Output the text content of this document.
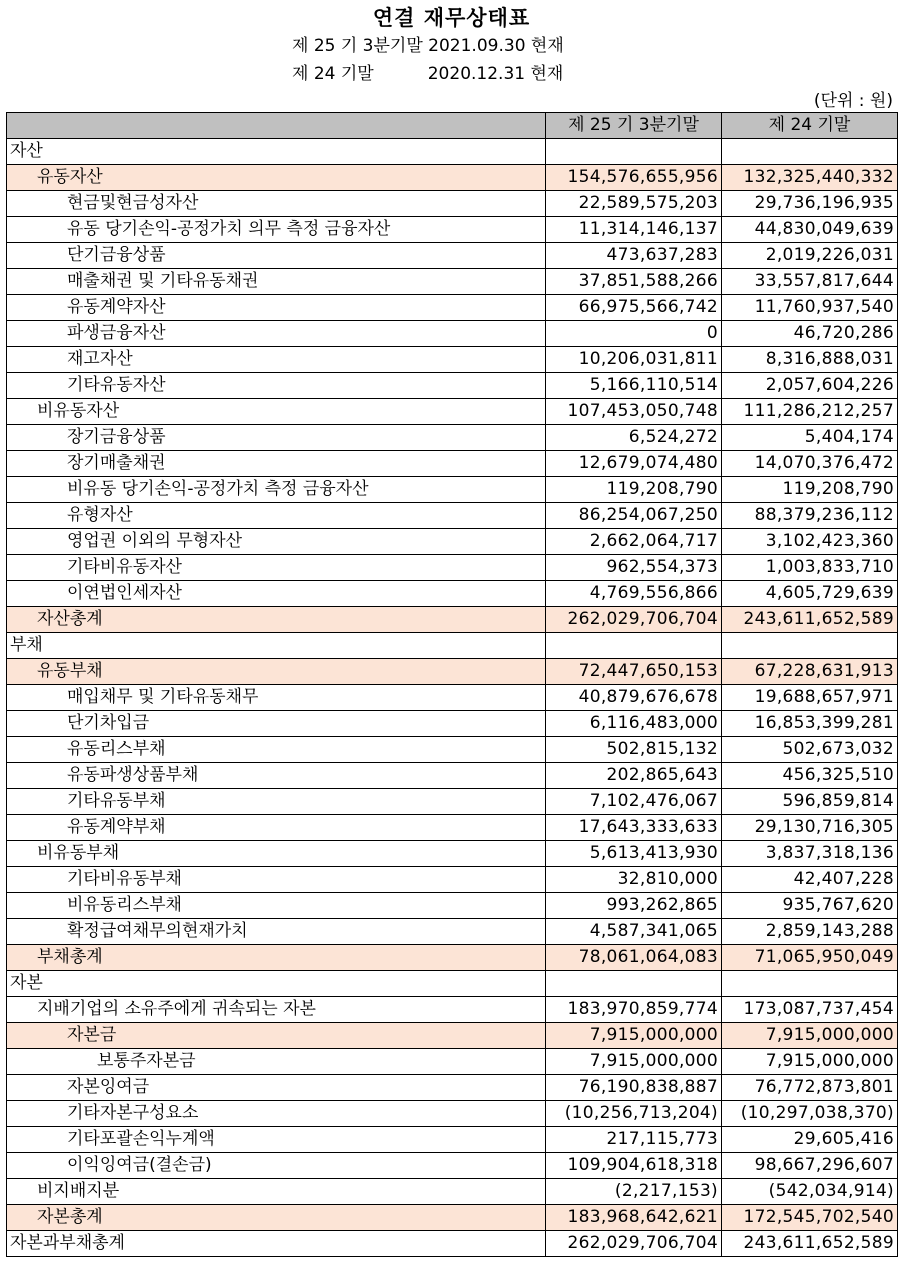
연결 재무상태표
제 25 기 3분기말 2021.09.30 현재
제 24 기말          2020.12.31 현재
(단위 : 원)
	제 25 기 3분기말	제 24 기말
자산		
유동자산	154,576,655,956	132,325,440,332
현금및현금성자산	22,589,575,203	29,736,196,935
유동 당기손익-공정가치 의무 측정 금융자산	11,314,146,137	44,830,049,639
단기금융상품	473,637,283	2,019,226,031
매출채권 및 기타유동채권	37,851,588,266	33,557,817,644
유동계약자산	66,975,566,742	11,760,937,540
파생금융자산	0	46,720,286
재고자산	10,206,031,811	8,316,888,031
기타유동자산	5,166,110,514	2,057,604,226
비유동자산	107,453,050,748	111,286,212,257
장기금융상품	6,524,272	5,404,174
장기매출채권	12,679,074,480	14,070,376,472
비유동 당기손익-공정가치 측정 금융자산	119,208,790	119,208,790
유형자산	86,254,067,250	88,379,236,112
영업권 이외의 무형자산	2,662,064,717	3,102,423,360
기타비유동자산	962,554,373	1,003,833,710
이연법인세자산	4,769,556,866	4,605,729,639
자산총계	262,029,706,704	243,611,652,589
부채		
유동부채	72,447,650,153	67,228,631,913
매입채무 및 기타유동채무	40,879,676,678	19,688,657,971
단기차입금	6,116,483,000	16,853,399,281
유동리스부채	502,815,132	502,673,032
유동파생상품부채	202,865,643	456,325,510
기타유동부채	7,102,476,067	596,859,814
유동계약부채	17,643,333,633	29,130,716,305
비유동부채	5,613,413,930	3,837,318,136
기타비유동부채	32,810,000	42,407,228
비유동리스부채	993,262,865	935,767,620
확정급여채무의현재가치	4,587,341,065	2,859,143,288
부채총계	78,061,064,083	71,065,950,049
자본		
지배기업의 소유주에게 귀속되는 자본	183,970,859,774	173,087,737,454
자본금	7,915,000,000	7,915,000,000
보통주자본금	7,915,000,000	7,915,000,000
자본잉여금	76,190,838,887	76,772,873,801
기타자본구성요소	(10,256,713,204)	(10,297,038,370)
기타포괄손익누계액	217,115,773	29,605,416
이익잉여금(결손금)	109,904,618,318	98,667,296,607
비지배지분	(2,217,153)	(542,034,914)
자본총계	183,968,642,621	172,545,702,540
자본과부채총계	262,029,706,704	243,611,652,589
